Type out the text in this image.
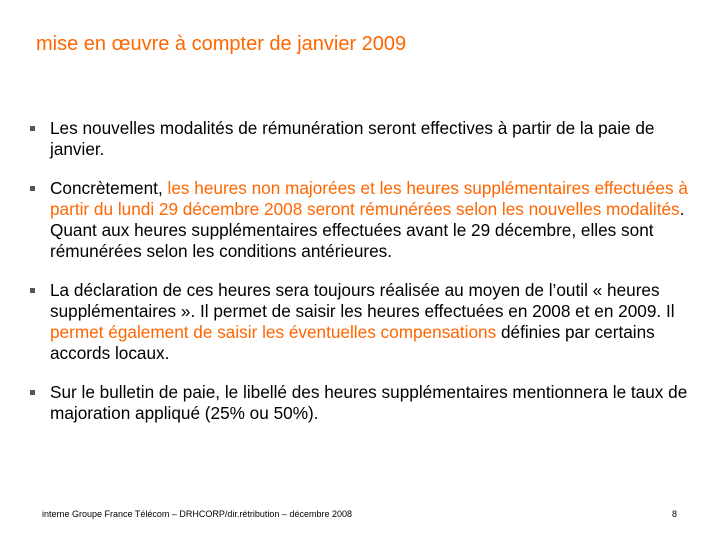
mise en œuvre à compter de janvier 2009
Les nouvelles modalités de rémunération seront effectives à partir de la paie de janvier.
Concrètement, les heures non majorées et les heures supplémentaires effectuées à partir du lundi 29 décembre 2008 seront rémunérées selon les nouvelles modalités. Quant aux heures supplémentaires effectuées avant le 29 décembre, elles sont rémunérées selon les conditions antérieures.
La déclaration de ces heures sera toujours réalisée au moyen de l’outil « heures supplémentaires ». Il permet de saisir les heures effectuées en 2008 et en 2009. Il permet également de saisir les éventuelles compensations définies par certains accords locaux.
Sur le bulletin de paie, le libellé des heures supplémentaires mentionnera le taux de majoration appliqué (25% ou 50%).
interne Groupe France Télécom – DRHCORP/dir.rétribution – décembre 2008	8
